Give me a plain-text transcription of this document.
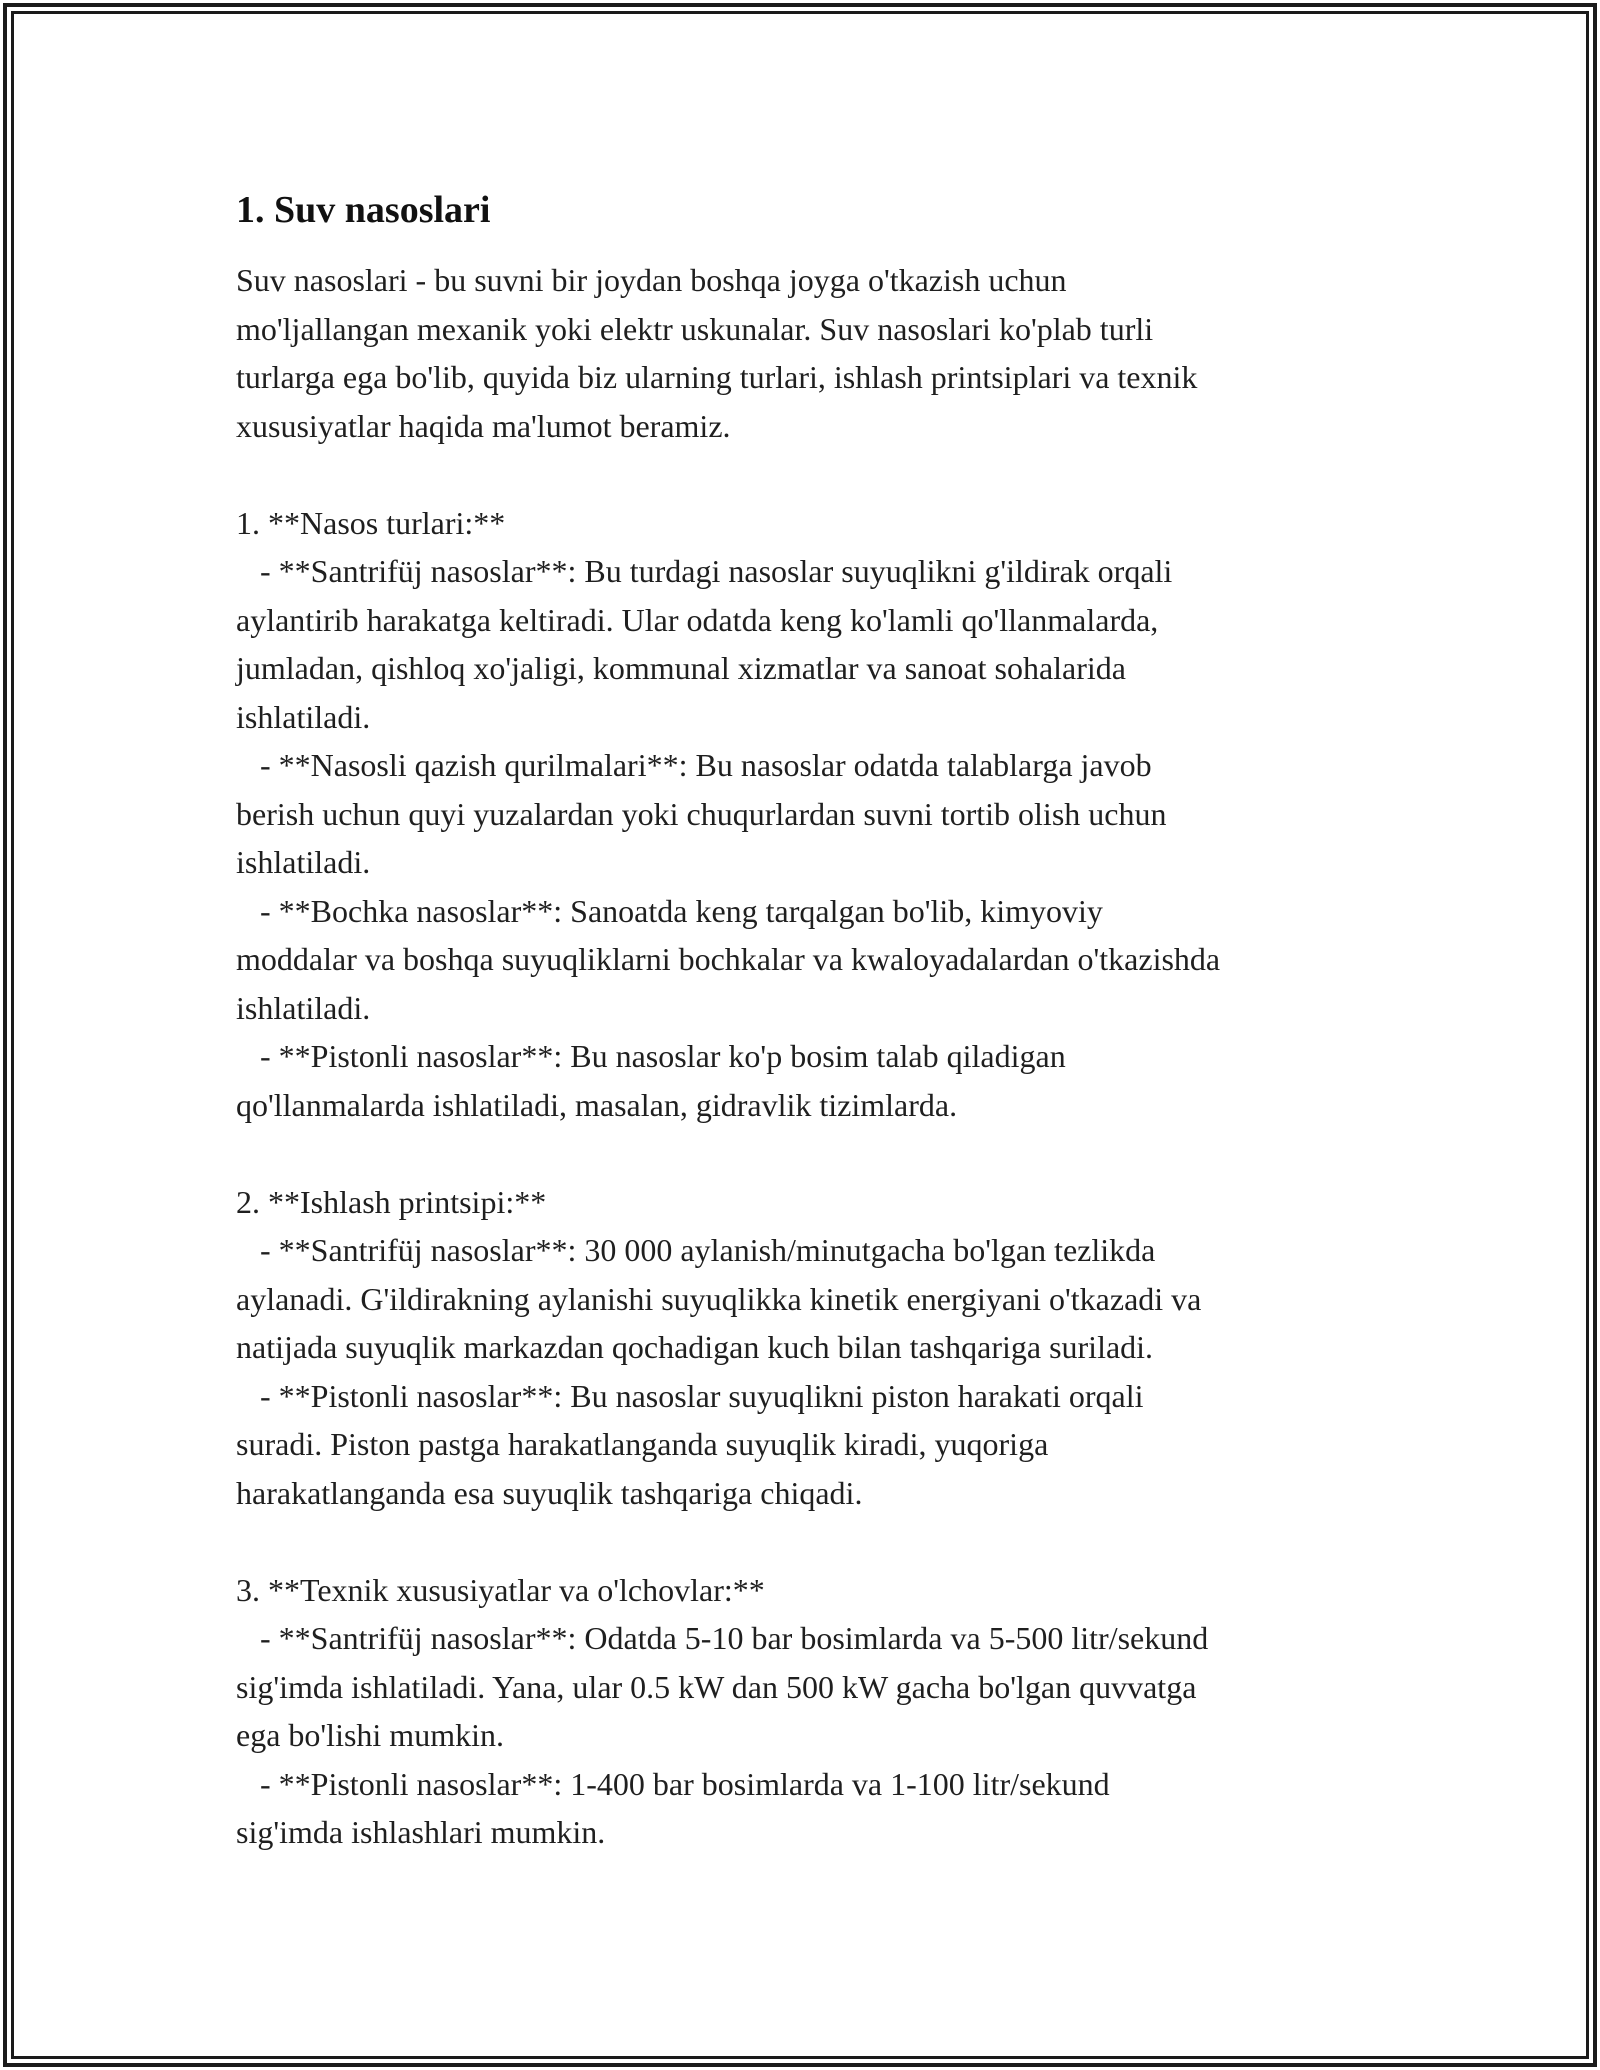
1. Suv nasoslari

Suv nasoslari - bu suvni bir joydan boshqa joyga o'tkazish uchun
mo'ljallangan mexanik yoki elektr uskunalar. Suv nasoslari ko'plab turli
turlarga ega bo'lib, quyida biz ularning turlari, ishlash printsiplari va texnik
xususiyatlar haqida ma'lumot beramiz.

1. **Nasos turlari:**

- **Santrifüj nasoslar**: Bu turdagi nasoslar suyuqlikni g'ildirak orqali
aylantirib harakatga keltiradi. Ular odatda keng ko'lamli qo'llanmalarda,
jumladan, qishloq xo'jaligi, kommunal xizmatlar va sanoat sohalarida
ishlatiladi.

- **Nasosli qazish qurilmalari**: Bu nasoslar odatda talablarga javob
berish uchun quyi yuzalardan yoki chuqurlardan suvni tortib olish uchun
ishlatiladi.

- **Bochka nasoslar**: Sanoatda keng tarqalgan bo'lib, kimyoviy
moddalar va boshqa suyuqliklarni bochkalar va kwaloyadalardan o'tkazishda
ishlatiladi.

- **Pistonli nasoslar**: Bu nasoslar ko'p bosim talab qiladigan
qo'llanmalarda ishlatiladi, masalan, gidravlik tizimlarda.

2. **Ishlash printsipi:**

- **Santrifüj nasoslar**: 30 000 aylanish/minutgacha bo'lgan tezlikda
aylanadi. G'ildirakning aylanishi suyuqlikka kinetik energiyani o'tkazadi va
natijada suyuqlik markazdan qochadigan kuch bilan tashqariga suriladi.

- **Pistonli nasoslar**: Bu nasoslar suyuqlikni piston harakati orqali
suradi. Piston pastga harakatlanganda suyuqlik kiradi, yuqoriga
harakatlanganda esa suyuqlik tashqariga chiqadi.

3. **Texnik xususiyatlar va o'lchovlar:**

- **Santrifüj nasoslar**: Odatda 5-10 bar bosimlarda va 5-500 litr/sekund
sig'imda ishlatiladi. Yana, ular 0.5 kW dan 500 kW gacha bo'lgan quvvatga
ega bo'lishi mumkin.

- **Pistonli nasoslar**: 1-400 bar bosimlarda va 1-100 litr/sekund
sig'imda ishlashlari mumkin.
